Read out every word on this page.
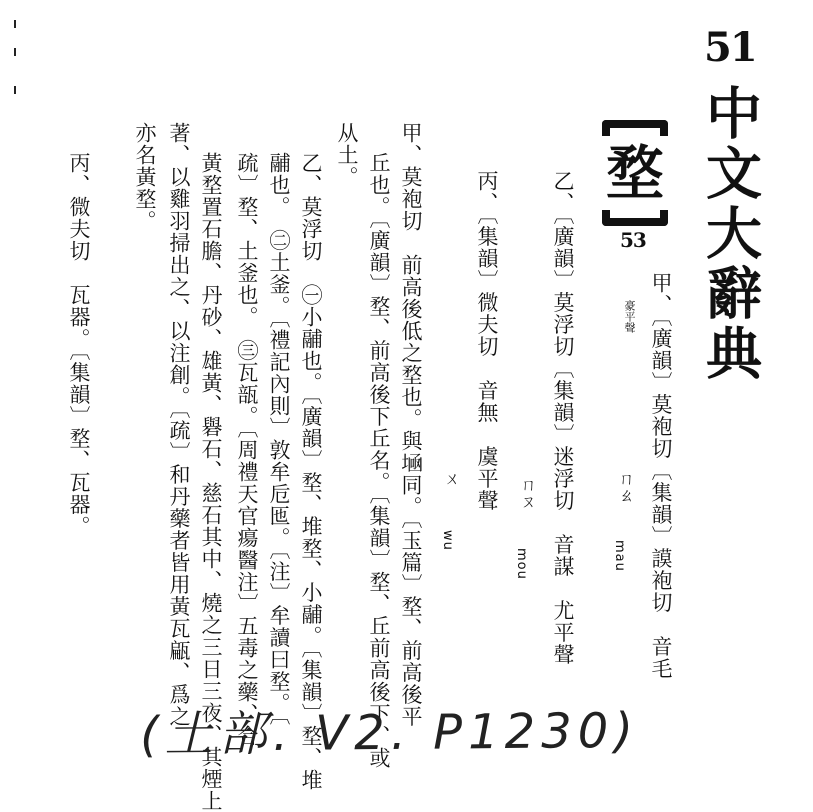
51
中文大辭典
堥
53
甲、〔廣韻〕莫袍切〔集韻〕謨袍切　音毛
豪平聲
ㄇㄠ
mau
乙、〔廣韻〕莫浮切〔集韻〕迷浮切　音謀　尤平聲
ㄇㄡ
mou
丙、〔集韻〕微夫切　音無　虞平聲
ㄨ
wu
甲、莫袍切　前高後低之堥也。與𡎕同。〔玉篇〕堥、前高後平
丘也。〔廣韻〕堥、前高後下丘名。〔集韻〕堥、丘前高後下、或
从土。
乙、莫浮切　㊀小鬴也。〔廣韻〕堥、堆堥、小鬴。〔集韻〕堥、堆
鬴也。　㊁土釜。〔禮記內則〕敦牟卮匜。〔注〕牟讀曰堥。〔
疏〕堥、土釜也。　㊂瓦瓿。〔周禮天官瘍醫注〕五毒之藥、合
黃堥置石膽、丹砂、雄黃、礜石、慈石其中、燒之三日三夜、其煙上
著、以雞羽掃出之、以注創。〔疏〕和丹藥者皆用黃瓦甂、爲之
亦名黃堥。
丙、微夫切　瓦器。〔集韻〕堥、瓦器。
(土部. V2. P1230)
